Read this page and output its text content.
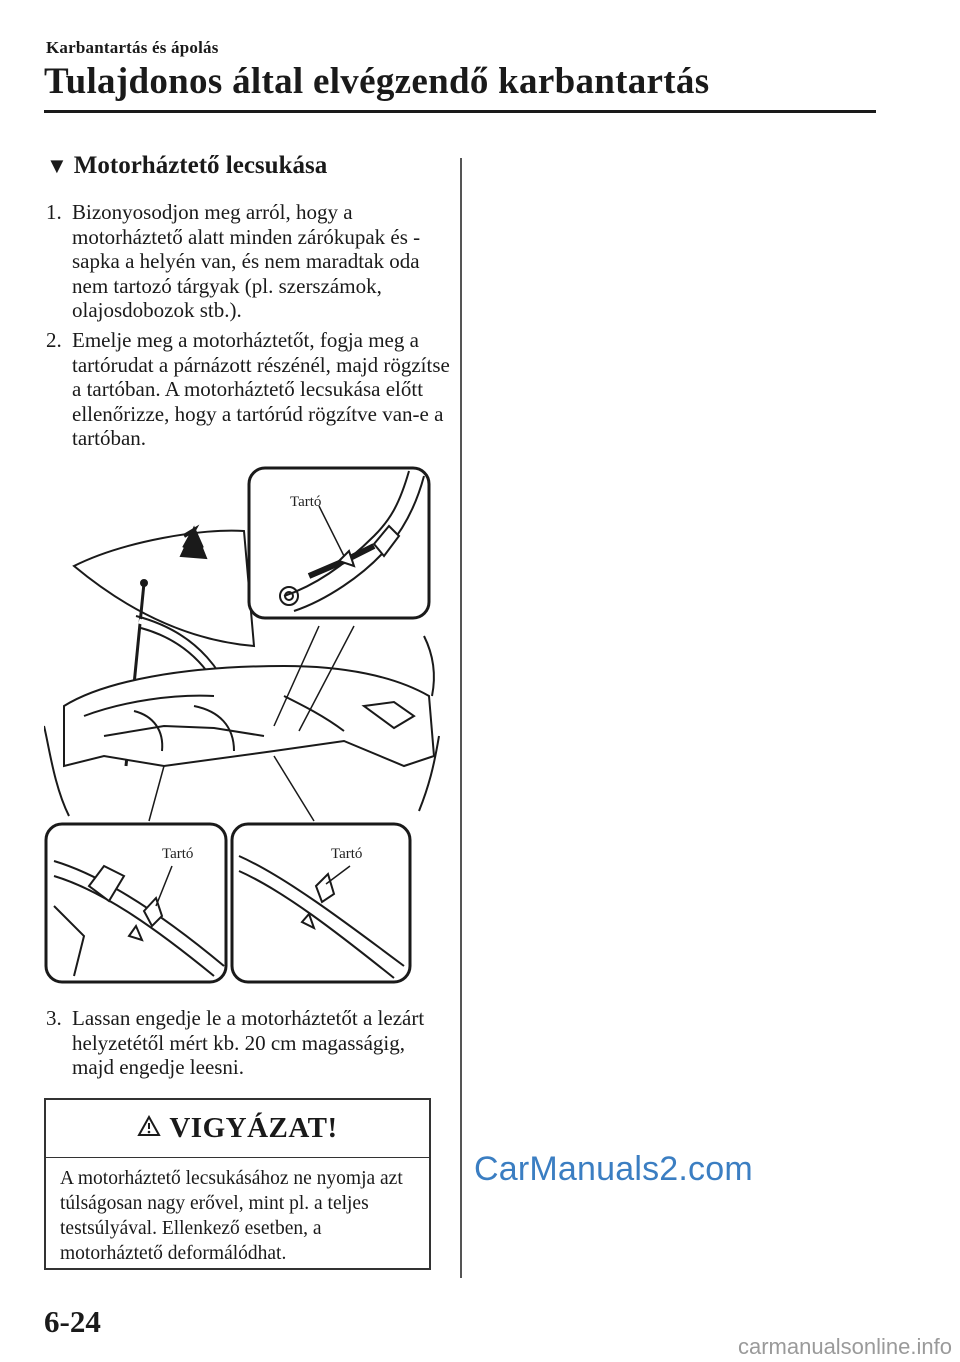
Karbantartás és ápolás
Tulajdonos által elvégzendő karbantartás
▼ Motorháztető lecsukása
1. Bizonyosodjon meg arról, hogy a motorháztető alatt minden zárókupak és -sapka a helyén van, és nem maradtak oda nem tartozó tárgyak (pl. szerszámok, olajosdobozok stb.).
2. Emelje meg a motorháztetőt, fogja meg a tartórudat a párnázott részénél, majd rögzítse a tartóban. A motorháztető lecsukása előtt ellenőrizze, hogy a tartórúd rögzítve van-e a tartóban.
Tartó
Tartó	Tartó
3. Lassan engedje le a motorháztetőt a lezárt helyzetétől mért kb. 20 cm magasságig, majd engedje leesni.
VIGYÁZAT!
A motorháztető lecsukásához ne nyomja azt túlságosan nagy erővel, mint pl. a teljes testsúlyával. Ellenkező esetben, a motorháztető deformálódhat.
CarManuals2.com
6-24
carmanualsonline.info
